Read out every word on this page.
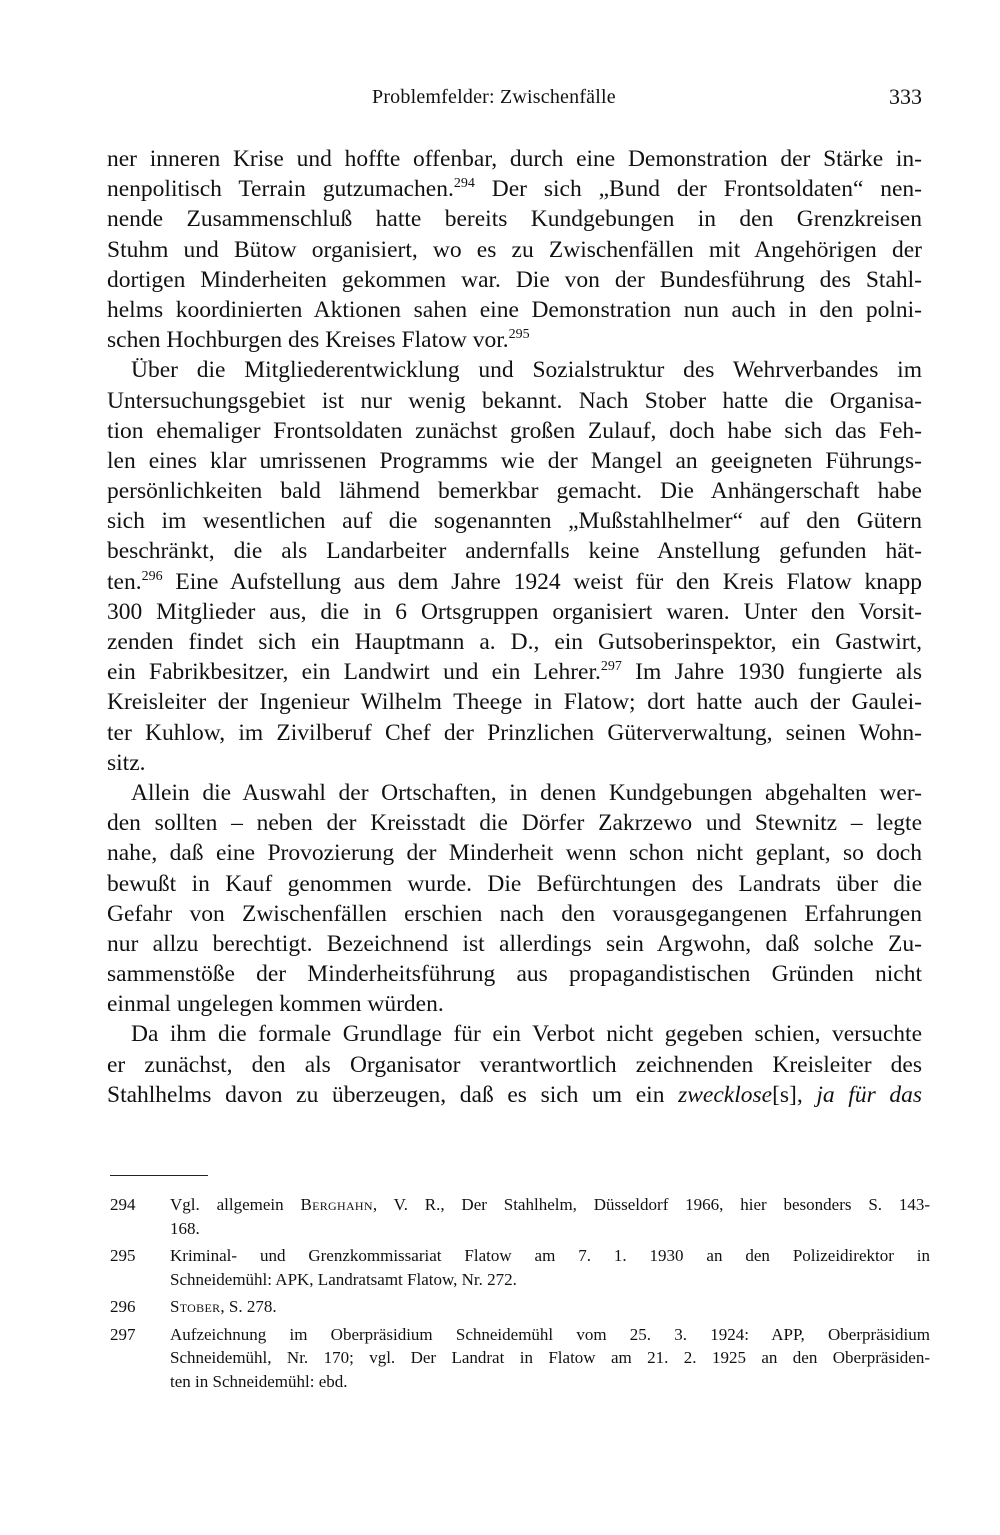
Problemfelder: Zwischenfälle	333
ner inneren Krise und hoffte offenbar, durch eine Demonstration der Stärke in-
nenpolitisch Terrain gutzumachen.$^{294}$ Der sich „Bund der Frontsoldaten“ nen-
nende Zusammenschluß hatte bereits Kundgebungen in den Grenzkreisen
Stuhm und Bütow organisiert, wo es zu Zwischenfällen mit Angehörigen der
dortigen Minderheiten gekommen war. Die von der Bundesführung des Stahl-
helms koordinierten Aktionen sahen eine Demonstration nun auch in den polni-
schen Hochburgen des Kreises Flatow vor.$^{295}$
Über die Mitgliederentwicklung und Sozialstruktur des Wehrverbandes im
Untersuchungsgebiet ist nur wenig bekannt. Nach Stober hatte die Organisa-
tion ehemaliger Frontsoldaten zunächst großen Zulauf, doch habe sich das Feh-
len eines klar umrissenen Programms wie der Mangel an geeigneten Führungs-
persönlichkeiten bald lähmend bemerkbar gemacht. Die Anhängerschaft habe
sich im wesentlichen auf die sogenannten „Mußstahlhelmer“ auf den Gütern
beschränkt, die als Landarbeiter andernfalls keine Anstellung gefunden hät-
ten.$^{296}$ Eine Aufstellung aus dem Jahre 1924 weist für den Kreis Flatow knapp
300 Mitglieder aus, die in 6 Ortsgruppen organisiert waren. Unter den Vorsit-
zenden findet sich ein Hauptmann a. D., ein Gutsoberinspektor, ein Gastwirt,
ein Fabrikbesitzer, ein Landwirt und ein Lehrer.$^{297}$ Im Jahre 1930 fungierte als
Kreisleiter der Ingenieur Wilhelm Theege in Flatow; dort hatte auch der Gaulei-
ter Kuhlow, im Zivilberuf Chef der Prinzlichen Güterverwaltung, seinen Wohn-
sitz.
Allein die Auswahl der Ortschaften, in denen Kundgebungen abgehalten wer-
den sollten – neben der Kreisstadt die Dörfer Zakrzewo und Stewnitz – legte
nahe, daß eine Provozierung der Minderheit wenn schon nicht geplant, so doch
bewußt in Kauf genommen wurde. Die Befürchtungen des Landrats über die
Gefahr von Zwischenfällen erschien nach den vorausgegangenen Erfahrungen
nur allzu berechtigt. Bezeichnend ist allerdings sein Argwohn, daß solche Zu-
sammenstöße der Minderheitsführung aus propagandistischen Gründen nicht
einmal ungelegen kommen würden.
Da ihm die formale Grundlage für ein Verbot nicht gegeben schien, versuchte
er zunächst, den als Organisator verantwortlich zeichnenden Kreisleiter des
Stahlhelms davon zu überzeugen, daß es sich um ein zwecklose[s], ja für das
294 Vgl. allgemein Berghahn, V. R., Der Stahlhelm, Düsseldorf 1966, hier besonders S. 143-
168.
295 Kriminal- und Grenzkommissariat Flatow am 7. 1. 1930 an den Polizeidirektor in
Schneidemühl: APK, Landratsamt Flatow, Nr. 272.
296 Stober, S. 278.
297 Aufzeichnung im Oberpräsidium Schneidemühl vom 25. 3. 1924: APP, Oberpräsidium
Schneidemühl, Nr. 170; vgl. Der Landrat in Flatow am 21. 2. 1925 an den Oberpräsiden-
ten in Schneidemühl: ebd.
